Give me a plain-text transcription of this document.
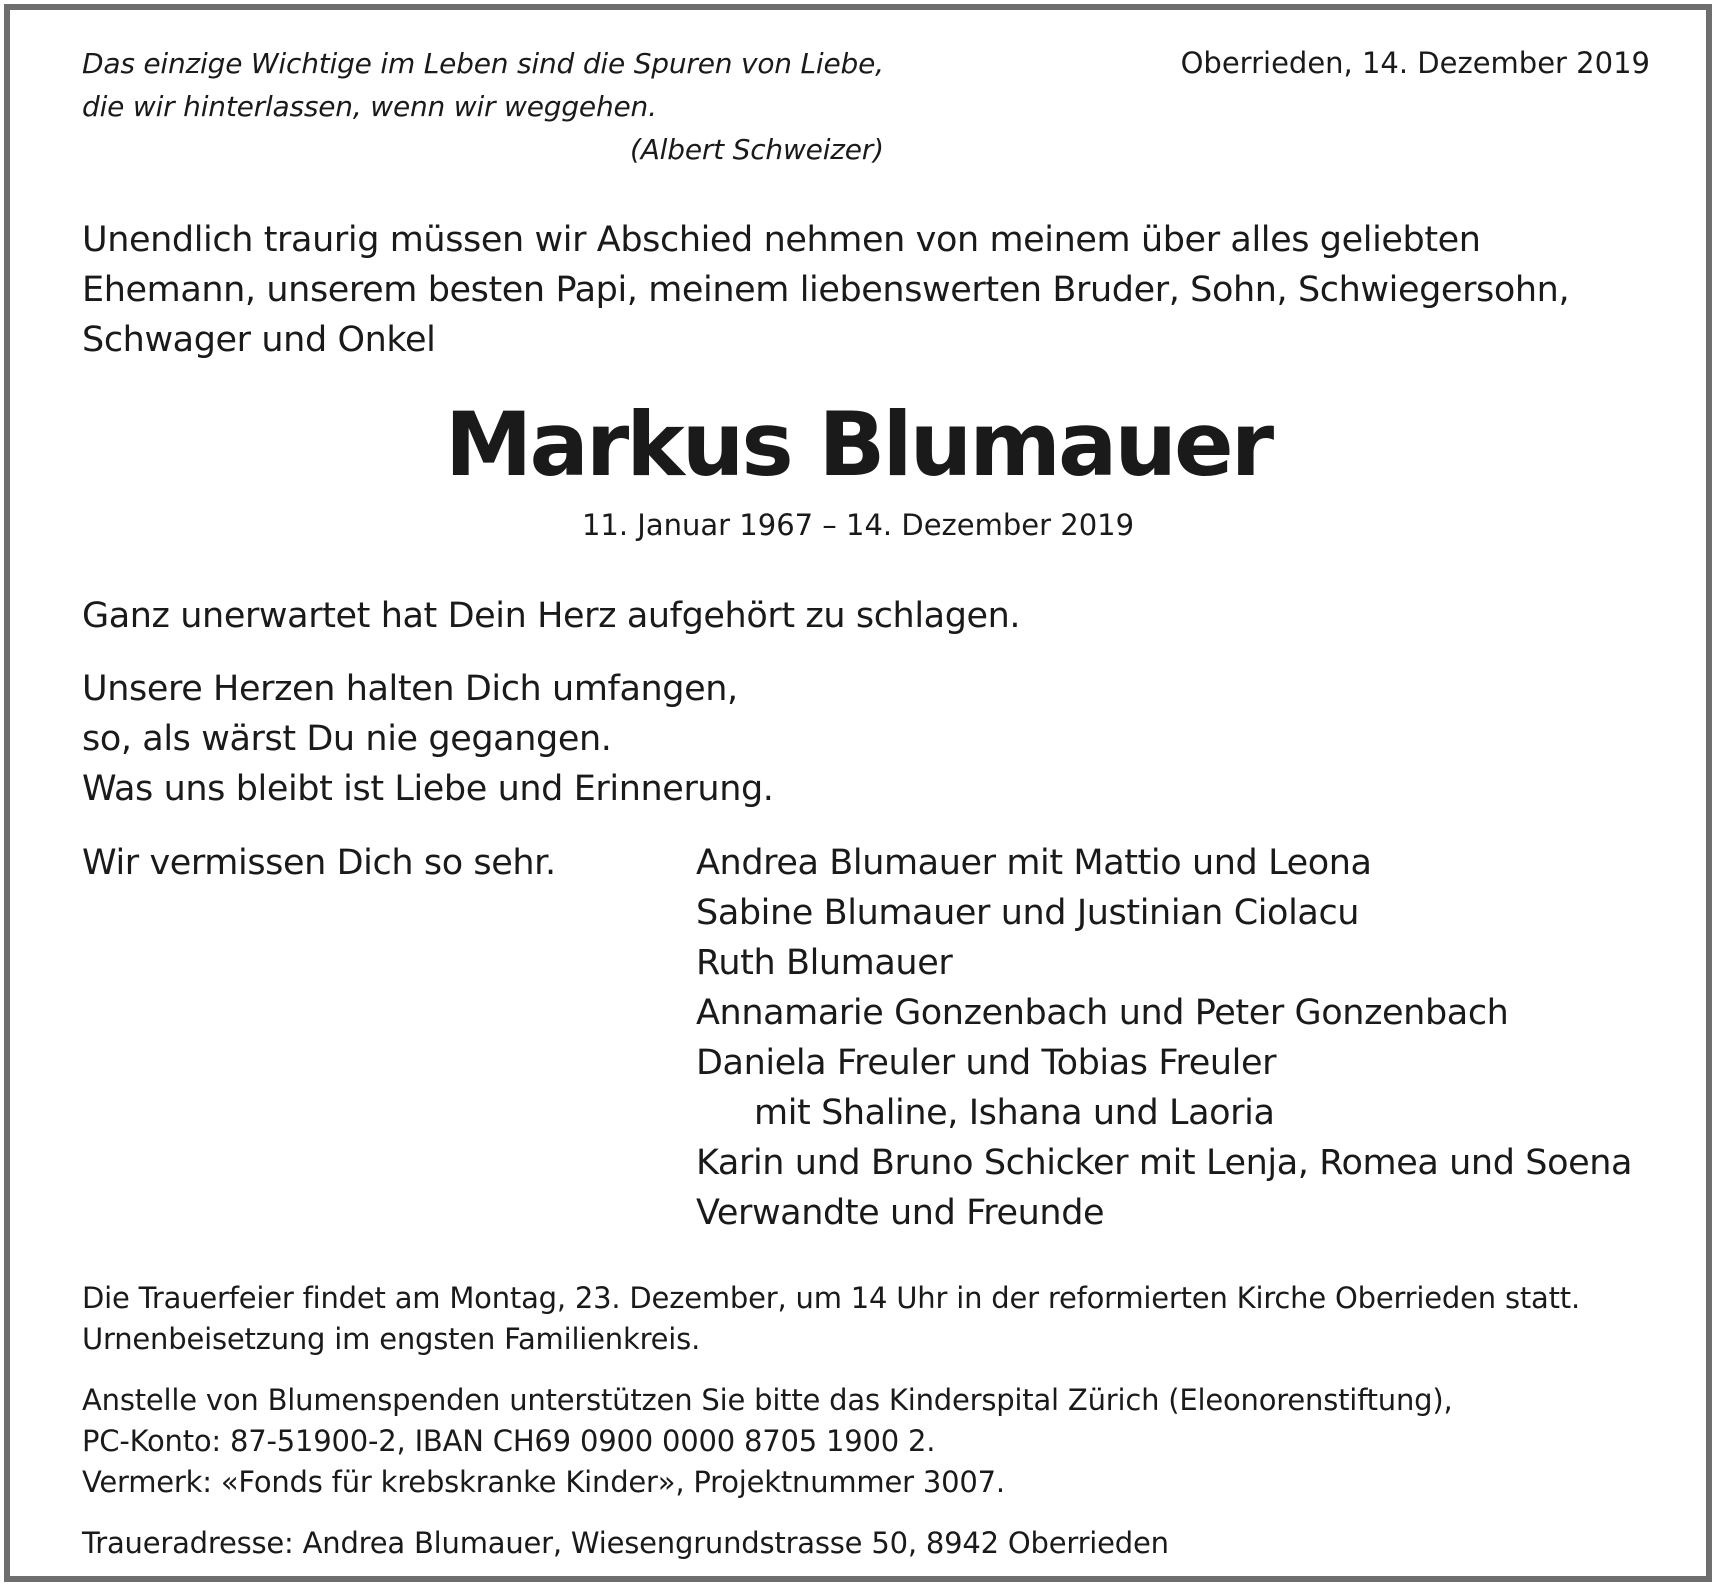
Das einzige Wichtige im Leben sind die Spuren von Liebe,
die wir hinterlassen, wenn wir weggehen.
(Albert Schweizer)
Oberrieden, 14. Dezember 2019
Unendlich traurig müssen wir Abschied nehmen von meinem über alles geliebten
Ehemann, unserem besten Papi, meinem liebenswerten Bruder, Sohn, Schwiegersohn,
Schwager und Onkel
Markus Blumauer
11. Januar 1967 – 14. Dezember 2019
Ganz unerwartet hat Dein Herz aufgehört zu schlagen.
Unsere Herzen halten Dich umfangen,
so, als wärst Du nie gegangen.
Was uns bleibt ist Liebe und Erinnerung.
Wir vermissen Dich so sehr.	Andrea Blumauer mit Mattio und Leona
Sabine Blumauer und Justinian Ciolacu
Ruth Blumauer
Annamarie Gonzenbach und Peter Gonzenbach
Daniela Freuler und Tobias Freuler
mit Shaline, Ishana und Laoria
Karin und Bruno Schicker mit Lenja, Romea und Soena
Verwandte und Freunde
Die Trauerfeier findet am Montag, 23. Dezember, um 14 Uhr in der reformierten Kirche Oberrieden statt.
Urnenbeisetzung im engsten Familienkreis.
Anstelle von Blumenspenden unterstützen Sie bitte das Kinderspital Zürich (Eleonorenstiftung),
PC-Konto: 87-51900-2, IBAN CH69 0900 0000 8705 1900 2.
Vermerk: «Fonds für krebskranke Kinder», Projektnummer 3007.
Traueradresse: Andrea Blumauer, Wiesengrundstrasse 50, 8942 Oberrieden
